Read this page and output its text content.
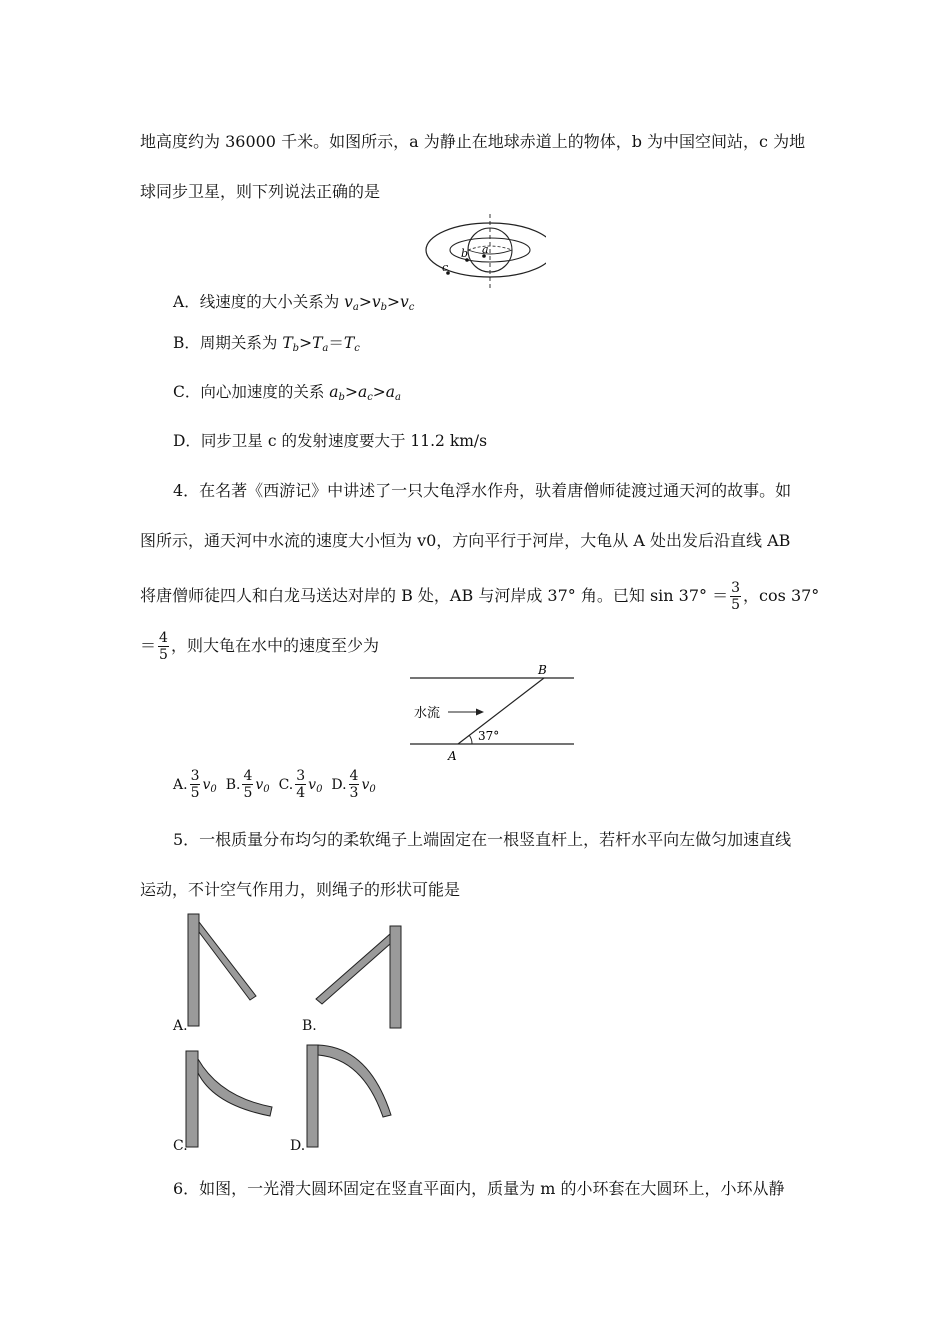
地高度约为 36000 千米。如图所示，a 为静止在地球赤道上的物体，b 为中国空间站，c 为地
球同步卫星，则下列说法正确的是
a
b
c
A．线速度的大小关系为 $v_a>v_b>v_c$
B．周期关系为 $T_b>T_a=T_c$
C．向心加速度的关系 $a_b>a_c>a_a$
D．同步卫星 c 的发射速度要大于 11.2 km/s
4．在名著《西游记》中讲述了一只大龟浮水作舟，驮着唐僧师徒渡过通天河的故事。如
图所示，通天河中水流的速度大小恒为 v0，方向平行于河岸，大龟从 A 处出发后沿直线 AB
将唐僧师徒四人和白龙马送达对岸的 B 处，AB 与河岸成 37° 角。已知 $\sin 37^\circ = \frac{3}{5}$ ，cos 37°
＝ $\frac{4}{5}$ ，则大龟在水中的速度至少为
水流
37°
A
B
A. $\frac{3}{5} v_0$ B. $\frac{4}{5} v_0$ C. $\frac{3}{4} v_0$ D. $\frac{4}{3} v_0$
5．一根质量分布均匀的柔软绳子上端固定在一根竖直杆上，若杆水平向左做匀加速直线
运动，不计空气作用力，则绳子的形状可能是
A.	B.
C.	D.
6．如图，一光滑大圆环固定在竖直平面内，质量为 m 的小环套在大圆环上，小环从静
